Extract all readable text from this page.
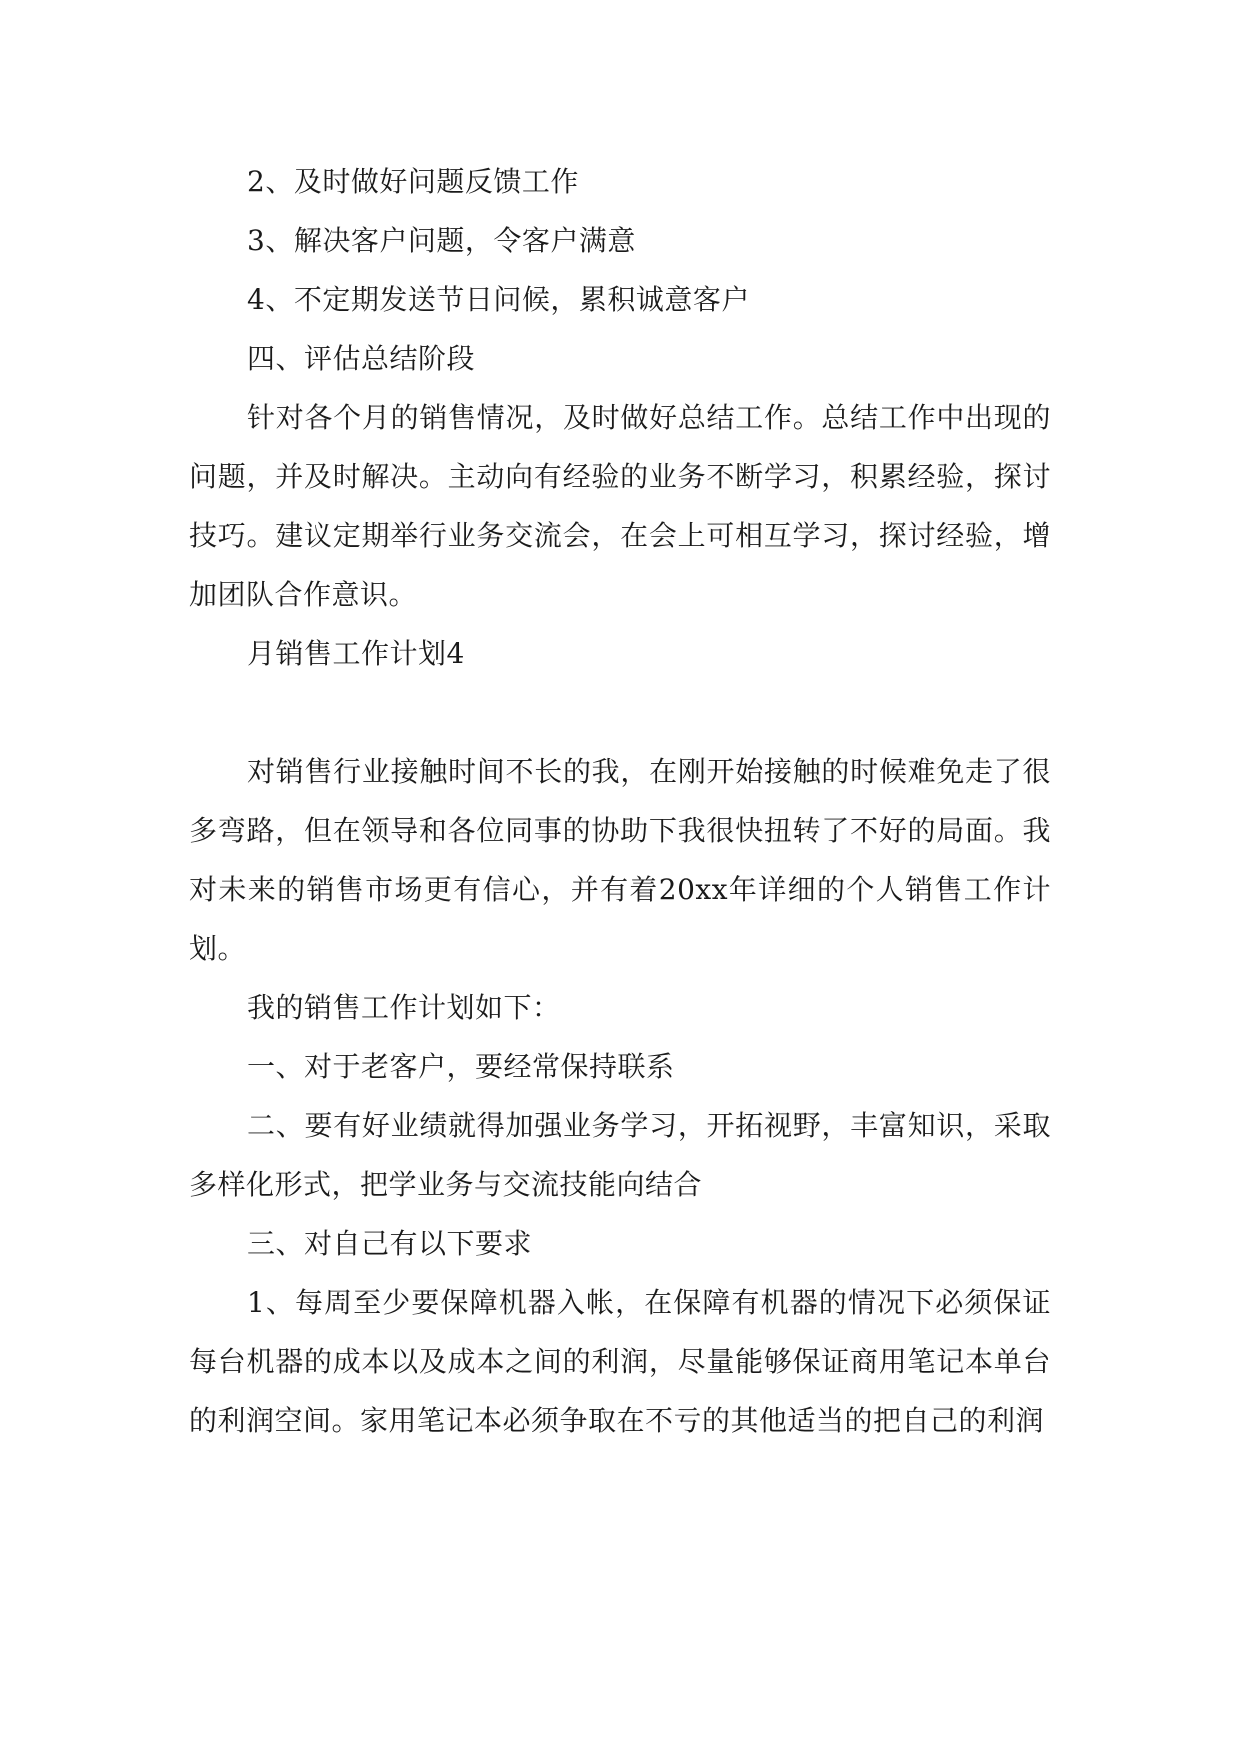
2、及时做好问题反馈工作

3、解决客户问题，令客户满意

4、不定期发送节日问候，累积诚意客户

四、评估总结阶段

针对各个月的销售情况，及时做好总结工作。总结工作中出现的问题，并及时解决。主动向有经验的业务不断学习，积累经验，探讨技巧。建议定期举行业务交流会，在会上可相互学习，探讨经验，增加团队合作意识。

月销售工作计划4

对销售行业接触时间不长的我，在刚开始接触的时候难免走了很多弯路，但在领导和各位同事的协助下我很快扭转了不好的局面。我对未来的销售市场更有信心，并有着20xx年详细的个人销售工作计划。

我的销售工作计划如下：

一、对于老客户，要经常保持联系

二、要有好业绩就得加强业务学习，开拓视野，丰富知识，采取多样化形式，把学业务与交流技能向结合

三、对自己有以下要求

1、每周至少要保障机器入帐，在保障有机器的情况下必须保证每台机器的成本以及成本之间的利润，尽量能够保证商用笔记本单台的利润空间。家用笔记本必须争取在不亏的其他适当的把自己的利润
